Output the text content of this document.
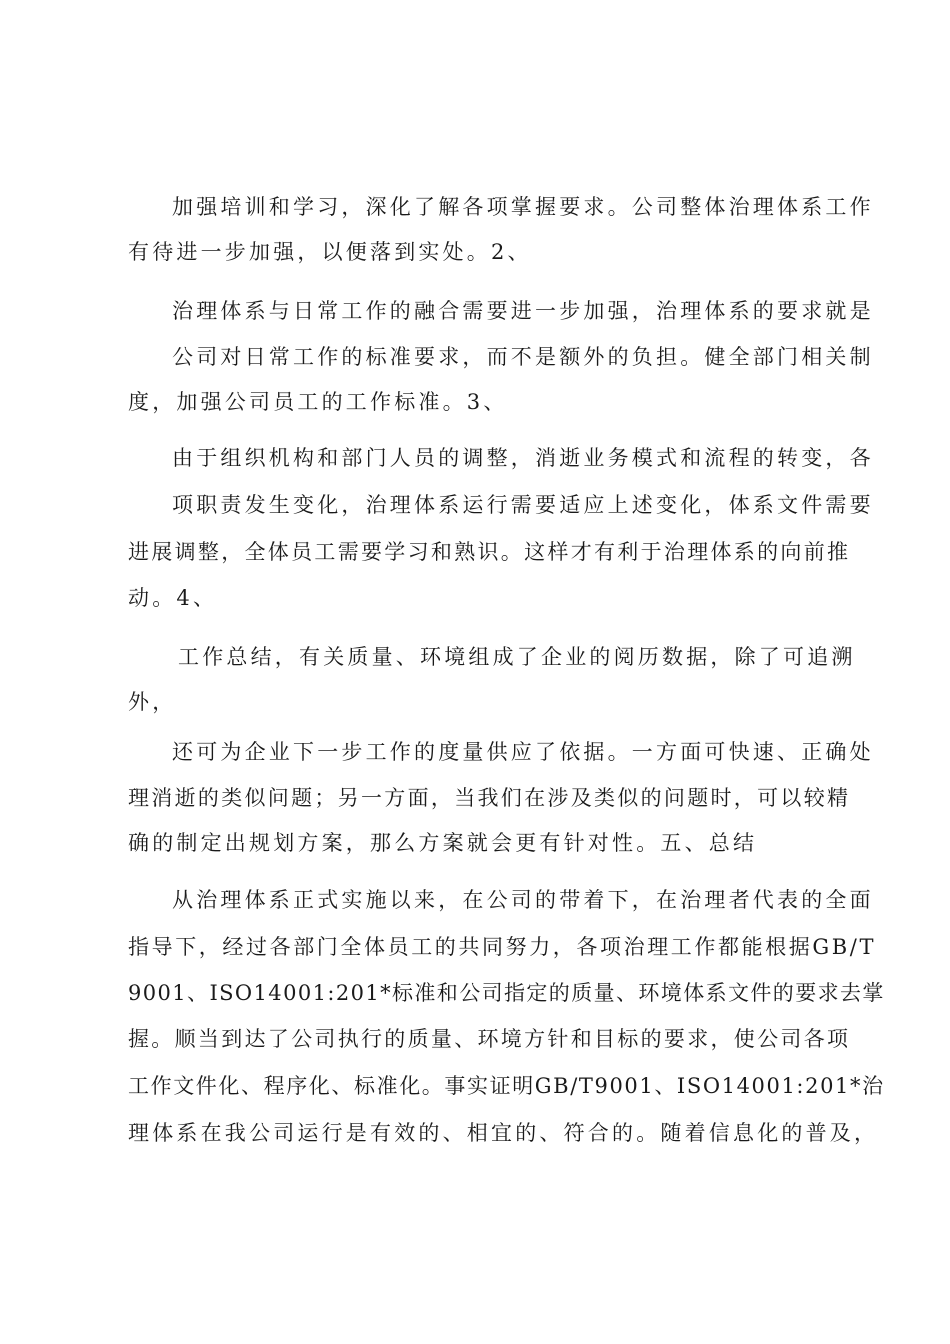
加强培训和学习，深化了解各项掌握要求。公司整体治理体系工作
有待进一步加强，以便落到实处。2、
治理体系与日常工作的融合需要进一步加强，治理体系的要求就是
公司对日常工作的标准要求，而不是额外的负担。健全部门相关制
度，加强公司员工的工作标准。3、
由于组织机构和部门人员的调整，消逝业务模式和流程的转变，各
项职责发生变化，治理体系运行需要适应上述变化，体系文件需要
进展调整，全体员工需要学习和熟识。这样才有利于治理体系的向前推
动。4、
工作总结，有关质量、环境组成了企业的阅历数据，除了可追溯
外，
还可为企业下一步工作的度量供应了依据。一方面可快速、正确处
理消逝的类似问题；另一方面，当我们在涉及类似的问题时，可以较精
确的制定出规划方案，那么方案就会更有针对性。五、总结
从治理体系正式实施以来，在公司的带着下，在治理者代表的全面
指导下，经过各部门全体员工的共同努力，各项治理工作都能根据GB/T
9001、ISO14001:201*标准和公司指定的质量、环境体系文件的要求去掌
握。顺当到达了公司执行的质量、环境方针和目标的要求，使公司各项
工作文件化、程序化、标准化。事实证明GB/T9001、ISO14001:201*治
理体系在我公司运行是有效的、相宜的、符合的。随着信息化的普及，
